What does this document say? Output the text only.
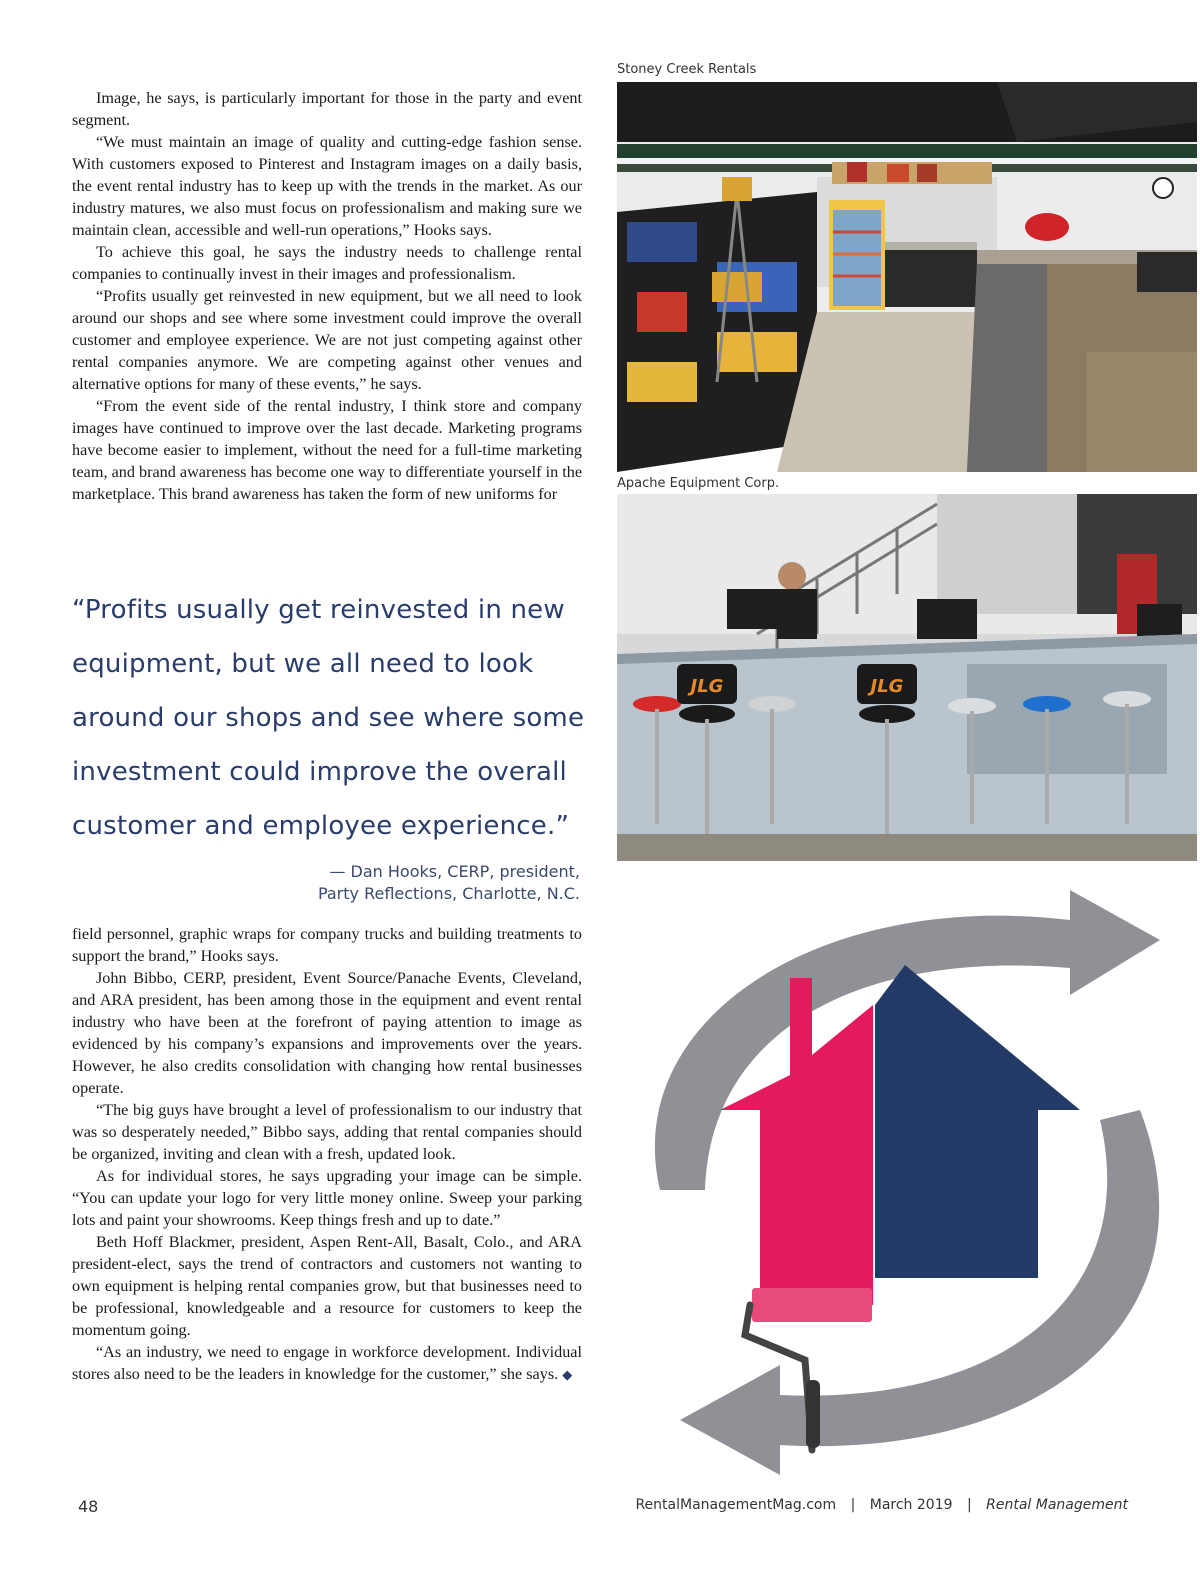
Image, he says, is particularly important for those in the party and event segment.

“We must maintain an image of quality and cutting-edge fashion sense. With customers exposed to Pinterest and Instagram images on a daily basis, the event rental industry has to keep up with the trends in the market. As our industry matures, we also must focus on professionalism and making sure we maintain clean, accessible and well-run operations,” Hooks says.

To achieve this goal, he says the industry needs to challenge rental companies to continually invest in their images and professionalism.

“Profits usually get reinvested in new equipment, but we all need to look around our shops and see where some investment could improve the overall customer and employee experience. We are not just competing against other rental companies anymore. We are competing against other venues and alternative options for many of these events,” he says.

“From the event side of the rental industry, I think store and company images have continued to improve over the last decade. Marketing programs have become easier to implement, without the need for a full-time marketing team, and brand awareness has become one way to differentiate yourself in the marketplace. This brand awareness has taken the form of new uniforms for

“Profits usually get reinvested in new equipment, but we all need to look around our shops and see where some investment could improve the overall customer and employee experience.”

— Dan Hooks, CERP, president,
Party Reflections, Charlotte, N.C.

field personnel, graphic wraps for company trucks and building treatments to support the brand,” Hooks says.

John Bibbo, CERP, president, Event Source/Panache Events, Cleveland, and ARA president, has been among those in the equipment and event rental industry who have been at the forefront of paying attention to image as evidenced by his company’s expansions and improvements over the years. However, he also credits consolidation with changing how rental businesses operate.

“The big guys have brought a level of professionalism to our industry that was so desperately needed,” Bibbo says, adding that rental companies should be organized, inviting and clean with a fresh, updated look.

As for individual stores, he says upgrading your image can be simple. “You can update your logo for very little money online. Sweep your parking lots and paint your showrooms. Keep things fresh and up to date.”

Beth Hoff Blackmer, president, Aspen Rent-All, Basalt, Colo., and ARA president-elect, says the trend of contractors and customers not wanting to own equipment is helping rental companies grow, but that businesses need to be professional, knowledgeable and a resource for customers to keep the momentum going.

“As an industry, we need to engage in workforce development. Individual stores also need to be the leaders in knowledge for the customer,” she says. ◆

Stoney Creek Rentals
Apache Equipment Corp.
JLG	JLG
48	RentalManagementMag.com | March 2019 | Rental Management
